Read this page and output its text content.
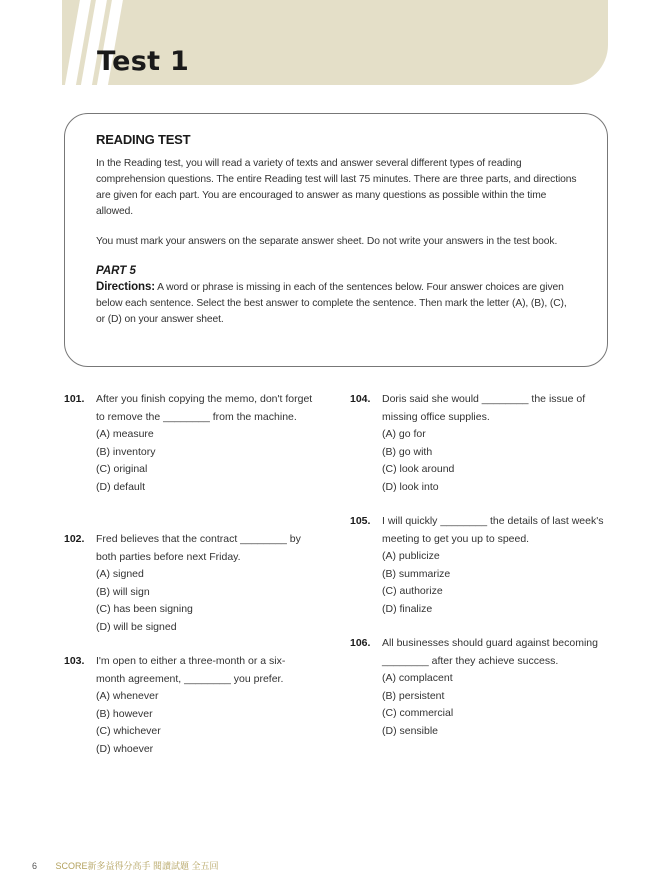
Test 1
READING TEST

In the Reading test, you will read a variety of texts and answer several different types of reading comprehension questions. The entire Reading test will last 75 minutes. There are three parts, and directions are given for each part. You are encouraged to answer as many questions as possible within the time allowed.

You must mark your answers on the separate answer sheet. Do not write your answers in the test book.

PART 5

Directions: A word or phrase is missing in each of the sentences below. Four answer choices are given below each sentence. Select the best answer to complete the sentence. Then mark the letter (A), (B), (C), or (D) on your answer sheet.

101. After you finish copying the memo, don't forget to remove the ________ from the machine.

(A) measure

(B) inventory

(C) original

(D) default

102. Fred believes that the contract ________ by both parties before next Friday.

(A) signed

(B) will sign

(C) has been signing

(D) will be signed

103. I'm open to either a three-month or a six-month agreement, ________ you prefer.

(A) whenever

(B) however

(C) whichever

(D) whoever

104. Doris said she would ________ the issue of missing office supplies.

(A) go for

(B) go with

(C) look around

(D) look into

105. I will quickly ________ the details of last week's meeting to get you up to speed.

(A) publicize

(B) summarize

(C) authorize

(D) finalize

106. All businesses should guard against becoming ________ after they achieve success.

(A) complacent

(B) persistent

(C) commercial

(D) sensible

6 SCORE新多益得分高手 閱讀試題 全五回
